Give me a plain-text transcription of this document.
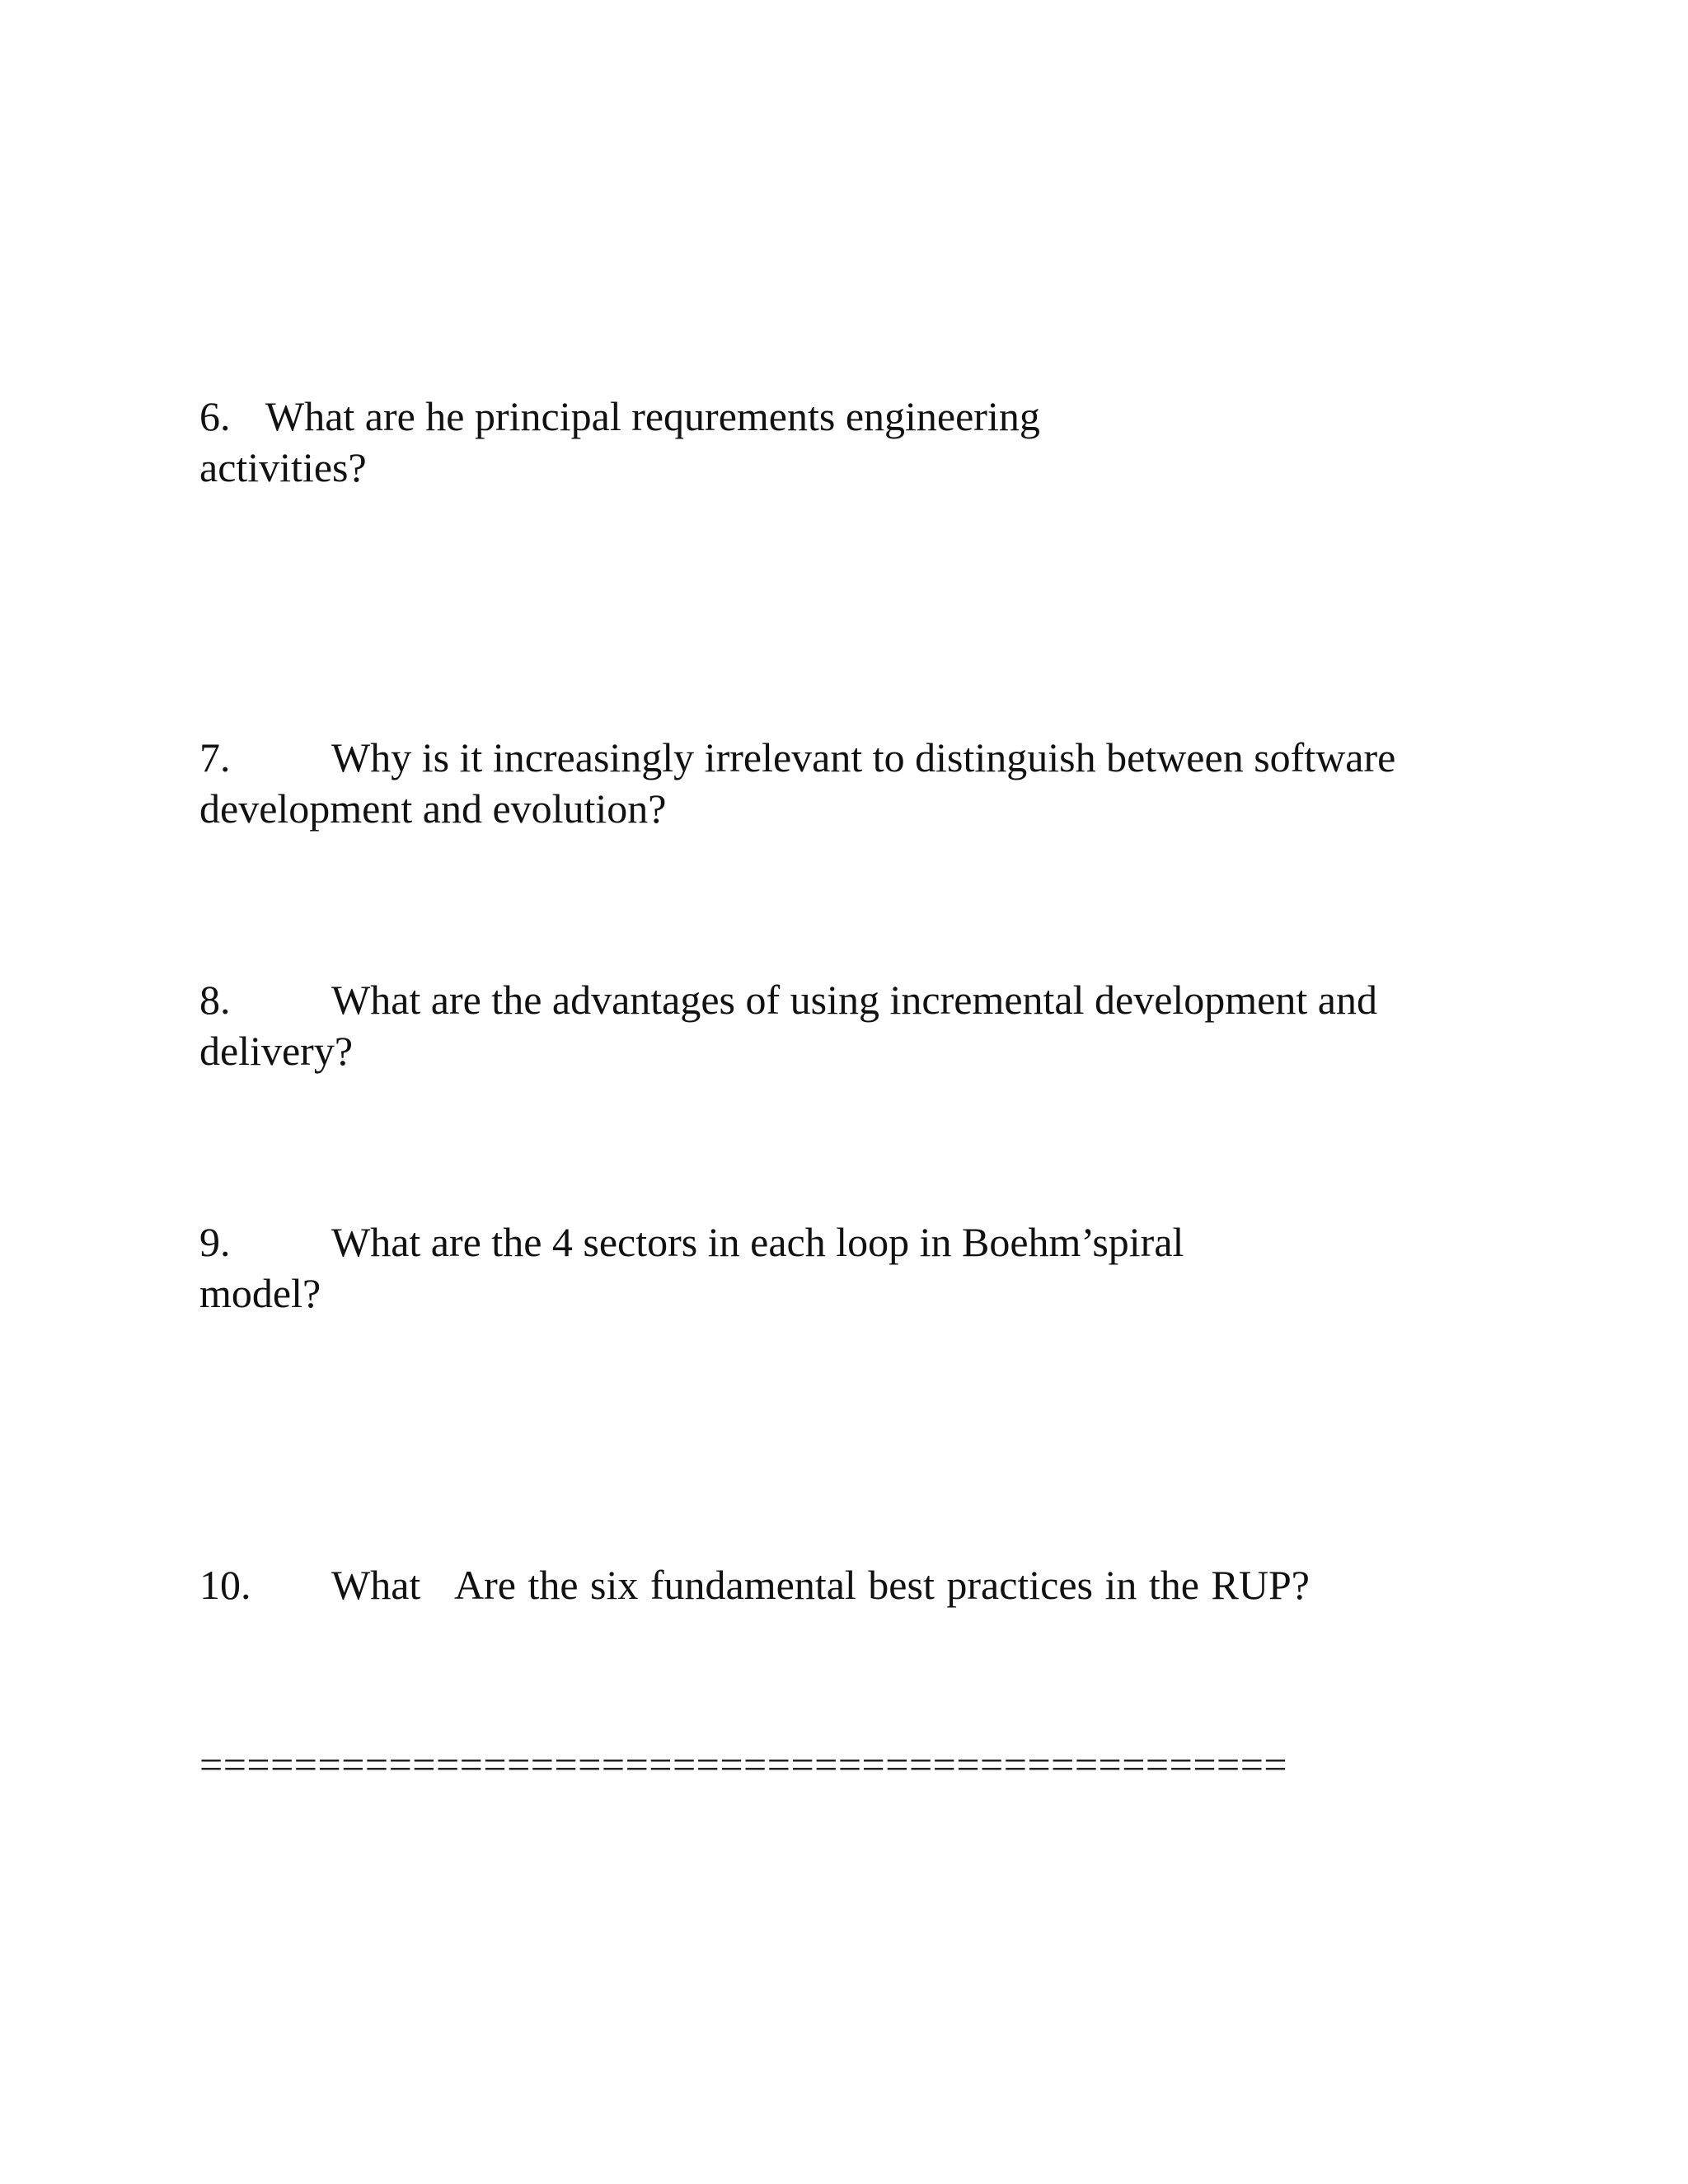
6. What are he principal requrements engineering
activities?
7. Why is it increasingly irrelevant to distinguish between software
development and evolution?
8. What are the advantages of using incremental development and
delivery?
9. What are the 4 sectors in each loop in Boehm’spiral
model?
10. What   Are the six fundamental best practices in the RUP?
==============================================
